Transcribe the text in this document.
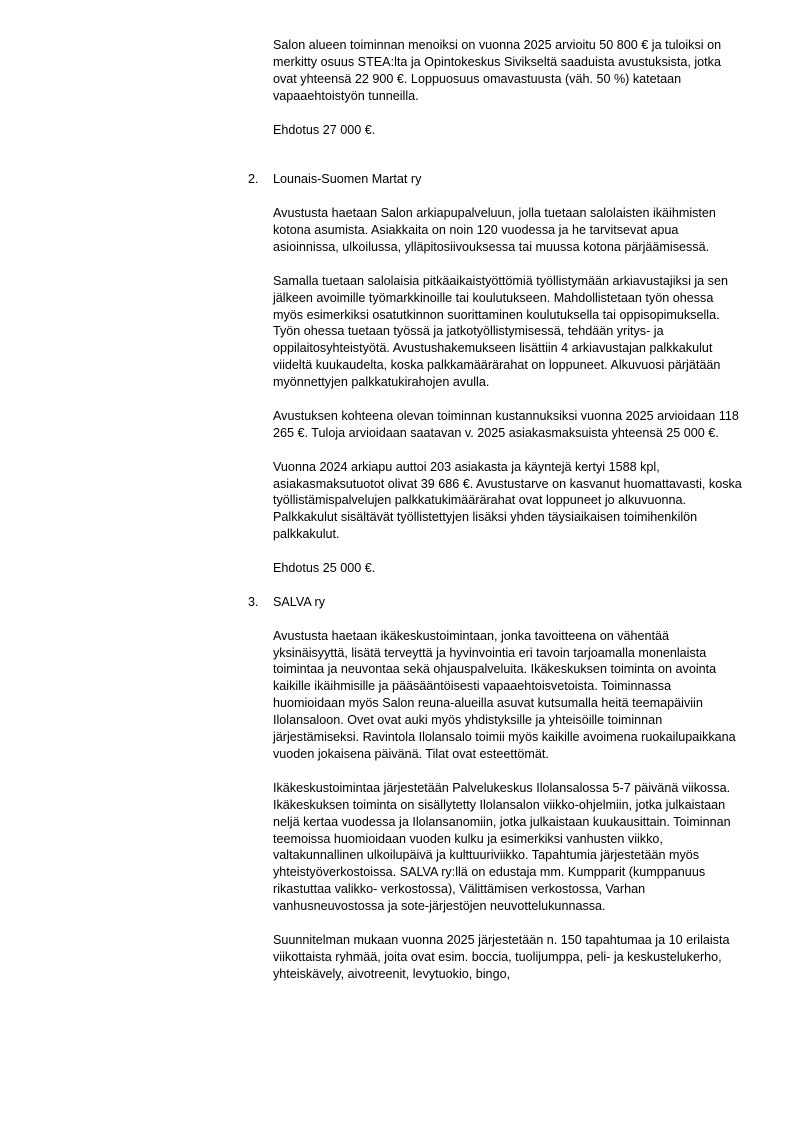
Salon alueen toiminnan menoiksi on vuonna 2025 arvioitu 50 800 € ja tuloiksi on merkitty osuus STEA:lta ja Opintokeskus Sivikseltä saaduista avustuksista, jotka ovat yhteensä 22 900 €. Loppuosuus omavastuusta (väh. 50 %) katetaan vapaaehtoistyön tunneilla.

Ehdotus 27 000 €.

2. Lounais-Suomen Martat ry

Avustusta haetaan Salon arkiapupalveluun, jolla tuetaan salolaisten ikäihmisten kotona asumista. Asiakkaita on noin 120 vuodessa ja he tarvitsevat apua asioinnissa, ulkoilussa, ylläpitosiivouksessa tai muussa kotona pärjäämisessä.

Samalla tuetaan salolaisia pitkäaikaistyöttömiä työllistymään arkiavustajiksi ja sen jälkeen avoimille työmarkkinoille tai koulutukseen. Mahdollistetaan työn ohessa myös esimerkiksi osatutkinnon suorittaminen koulutuksella tai oppisopimuksella. Työn ohessa tuetaan työssä ja jatkotyöllistymisessä, tehdään yritys- ja oppilaitosyhteistyötä. Avustushakemukseen lisättiin 4 arkiavustajan palkkakulut viideltä kuukaudelta, koska palkkamäärärahat on loppuneet. Alkuvuosi pärjätään myönnettyjen palkkatukirahojen avulla.

Avustuksen kohteena olevan toiminnan kustannuksiksi vuonna 2025 arvioidaan 118 265 €. Tuloja arvioidaan saatavan v. 2025 asiakasmaksuista yhteensä 25 000 €.

Vuonna 2024 arkiapu auttoi 203 asiakasta ja käyntejä kertyi 1588 kpl, asiakasmaksutuotot olivat 39 686 €. Avustustarve on kasvanut huomattavasti, koska työllistämispalvelujen palkkatukimäärärahat ovat loppuneet jo alkuvuonna. Palkkakulut sisältävät työllistettyjen lisäksi yhden täysiaikaisen toimihenkilön palkkakulut.

Ehdotus 25 000 €.

3. SALVA ry

Avustusta haetaan ikäkeskustoimintaan, jonka tavoitteena on vähentää yksinäisyyttä, lisätä terveyttä ja hyvinvointia eri tavoin tarjoamalla monenlaista toimintaa ja neuvontaa sekä ohjauspalveluita. Ikäkeskuksen toiminta on avointa kaikille ikäihmisille ja pääsääntöisesti vapaaehtoisvetoista. Toiminnassa huomioidaan myös Salon reuna-alueilla asuvat kutsumalla heitä teemapäiviin Ilolansaloon. Ovet ovat auki myös yhdistyksille ja yhteisöille toiminnan järjestämiseksi. Ravintola Ilolansalo toimii myös kaikille avoimena ruokailupaikkana vuoden jokaisena päivänä. Tilat ovat esteettömät.

Ikäkeskustoimintaa järjestetään Palvelukeskus Ilolansalossa 5-7 päivänä viikossa. Ikäkeskuksen toiminta on sisällytetty Ilolansalon viikko-ohjelmiin, jotka julkaistaan neljä kertaa vuodessa ja Ilolansanomiin, jotka julkaistaan kuukausittain. Toiminnan teemoissa huomioidaan vuoden kulku ja esimerkiksi vanhusten viikko, valtakunnallinen ulkoilupäivä ja kulttuuriviikko. Tapahtumia järjestetään myös yhteistyöverkostoissa. SALVA ry:llä on edustaja mm. Kumpparit (kumppanuus rikastuttaa valikko- verkostossa), Välittämisen verkostossa, Varhan vanhusneuvostossa ja sote-järjestöjen neuvottelukunnassa.

Suunnitelman mukaan vuonna 2025 järjestetään n. 150 tapahtumaa ja 10 erilaista viikottaista ryhmää, joita ovat esim. boccia, tuolijumppa, peli- ja keskustelukerho, yhteiskävely, aivotreenit, levytuokio, bingo,
